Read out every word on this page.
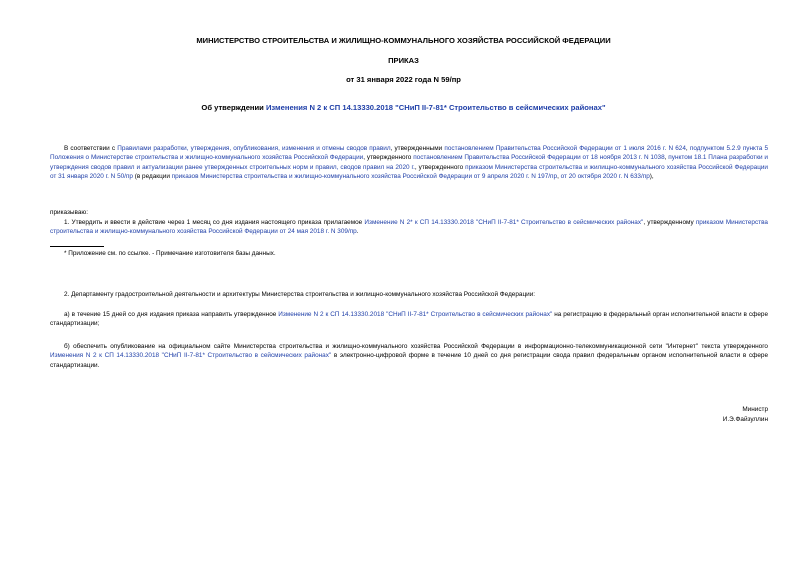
МИНИСТЕРСТВО СТРОИТЕЛЬСТВА И ЖИЛИЩНО-КОММУНАЛЬНОГО ХОЗЯЙСТВА РОССИЙСКОЙ ФЕДЕРАЦИИ
ПРИКАЗ
от 31 января 2022 года N 59/пр
Об утверждении Изменения N 2 к СП 14.13330.2018 "СНиП II-7-81* Строительство в сейсмических районах"
В соответствии с Правилами разработки, утверждения, опубликования, изменения и отмены сводов правил, утвержденными постановлением Правительства Российской Федерации от 1 июля 2016 г. N 624, подпунктом 5.2.9 пункта 5 Положения о Министерстве строительства и жилищно-коммунального хозяйства Российской Федерации, утвержденного постановлением Правительства Российской Федерации от 18 ноября 2013 г. N 1038, пунктом 18.1 Плана разработки и утверждения сводов правил и актуализации ранее утвержденных строительных норм и правил, сводов правил на 2020 г., утвержденного приказом Министерства строительства и жилищно-коммунального хозяйства Российской Федерации от 31 января 2020 г. N 50/пр (в редакции приказов Министерства строительства и жилищно-коммунального хозяйства Российской Федерации от 9 апреля 2020 г. N 197/пр, от 20 октября 2020 г. N 633/пр),
приказываю:
1. Утвердить и ввести в действие через 1 месяц со дня издания настоящего приказа прилагаемое Изменение N 2* к СП 14.13330.2018 "СНиП II-7-81* Строительство в сейсмических районах", утвержденному приказом Министерства строительства и жилищно-коммунального хозяйства Российской Федерации от 24 мая 2018 г. N 309/пр.
* Приложение см. по ссылке. - Примечание изготовителя базы данных.
2. Департаменту градостроительной деятельности и архитектуры Министерства строительства и жилищно-коммунального хозяйства Российской Федерации:
а) в течение 15 дней со дня издания приказа направить утвержденное Изменение N 2 к СП 14.13330.2018 "СНиП II-7-81* Строительство в сейсмических районах" на регистрацию в федеральный орган исполнительной власти в сфере стандартизации;
б) обеспечить опубликование на официальном сайте Министерства строительства и жилищно-коммунального хозяйства Российской Федерации в информационно-телекоммуникационной сети "Интернет" текста утвержденного Изменения N 2 к СП 14.13330.2018 "СНиП II-7-81* Строительство в сейсмических районах" в электронно-цифровой форме в течение 10 дней со дня регистрации свода правил федеральным органом исполнительной власти в сфере стандартизации.
Министр
И.Э.Файзуллин
